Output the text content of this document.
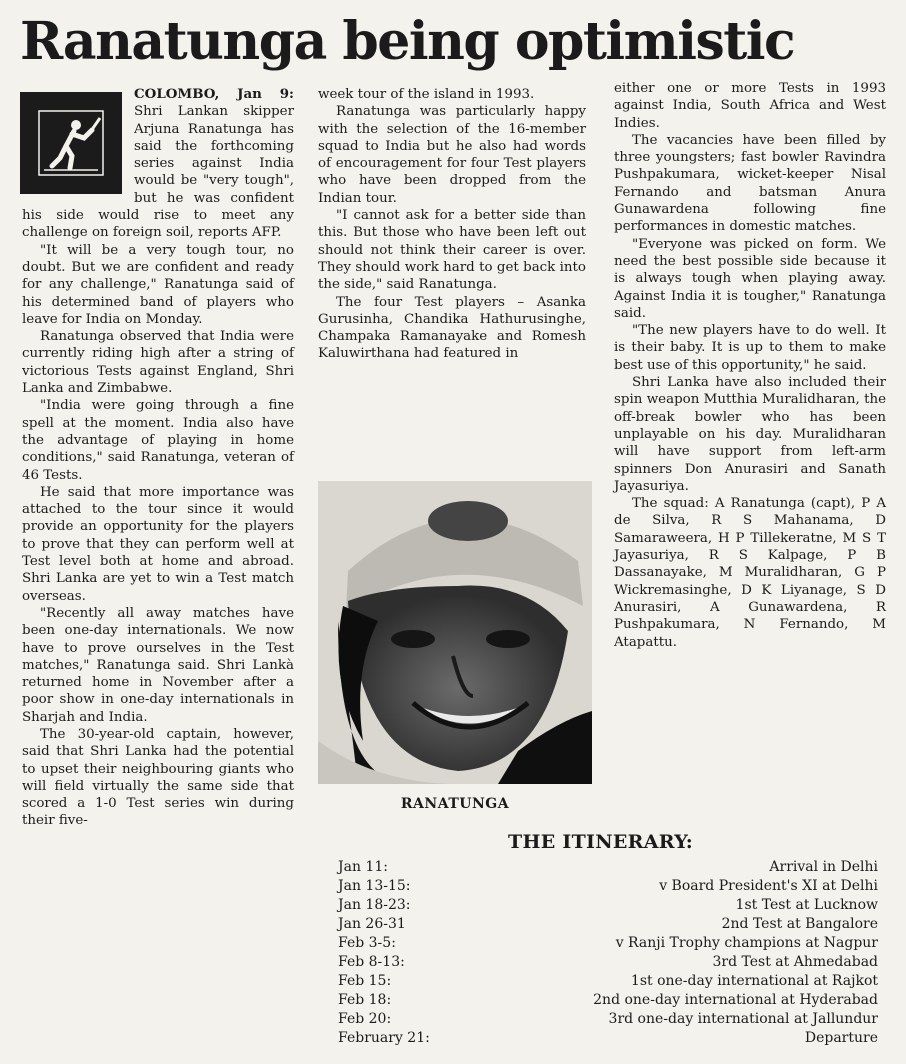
Ranatunga being optimistic

COLOMBO, Jan 9: Shri Lankan skipper Arjuna Ranatunga has said the forthcoming series against India would be "very tough", but he was confident his side would rise to meet any challenge on foreign soil, reports AFP.

"It will be a very tough tour, no doubt. But we are confident and ready for any challenge," Ranatunga said of his determined band of players who leave for India on Monday.

Ranatunga observed that India were currently riding high after a string of victorious Tests against England, Shri Lanka and Zimbabwe.

"India were going through a fine spell at the moment. India also have the advantage of playing in home conditions," said Ranatunga, veteran of 46 Tests.

He said that more importance was attached to the tour since it would provide an opportunity for the players to prove that they can perform well at Test level both at home and abroad. Shri Lanka are yet to win a Test match overseas.

"Recently all away matches have been one-day internationals. We now have to prove ourselves in the Test matches," Ranatunga said. Shri Lankà returned home in November after a poor show in one-day internationals in Sharjah and India.

The 30-year-old captain, however, said that Shri Lanka had the potential to upset their neighbouring giants who will field virtually the same side that scored a 1-0 Test series win during their five-

week tour of the island in 1993.

Ranatunga was particularly happy with the selection of the 16-member squad to India but he also had words of encouragement for four Test players who have been dropped from the Indian tour.

"I cannot ask for a better side than this. But those who have been left out should not think their career is over. They should work hard to get back into the side," said Ranatunga.

The four Test players – Asanka Gurusinha, Chandika Hathurusinghe, Champaka Ramanayake and Romesh Kaluwirthana had featured in

RANATUNGA

either one or more Tests in 1993 against India, South Africa and West Indies.

The vacancies have been filled by three youngsters; fast bowler Ravindra Pushpakumara, wicket-keeper Nisal Fernando and batsman Anura Gunawardena following fine performances in domestic matches.

"Everyone was picked on form. We need the best possible side because it is always tough when playing away. Against India it is tougher," Ranatunga said.

"The new players have to do well. It is their baby. It is up to them to make best use of this opportunity," he said.

Shri Lanka have also included their spin weapon Mutthia Muralidharan, the off-break bowler who has been unplayable on his day. Muralidharan will have support from left-arm spinners Don Anurasiri and Sanath Jayasuriya.

The squad: A Ranatunga (capt), P A de Silva, R S Mahanama, D Samaraweera, H P Tillekeratne, M S T Jayasuriya, R S Kalpage, P B Dassanayake, M Muralidharan, G P Wickremasinghe, D K Liyanage, S D Anurasiri, A Gunawardena, R Pushpakumara, N Fernando, M Atapattu.

THE ITINERARY:
Jan 11:	Arrival in Delhi
Jan 13-15:	v Board President's XI at Delhi
Jan 18-23:	1st Test at Lucknow
Jan 26-31	2nd Test at Bangalore
Feb 3-5:	v Ranji Trophy champions at Nagpur
Feb 8-13:	3rd Test at Ahmedabad
Feb 15:	1st one-day international at Rajkot
Feb 18:	2nd one-day international at Hyderabad
Feb 20:	3rd one-day international at Jallundur
February 21:	Departure
